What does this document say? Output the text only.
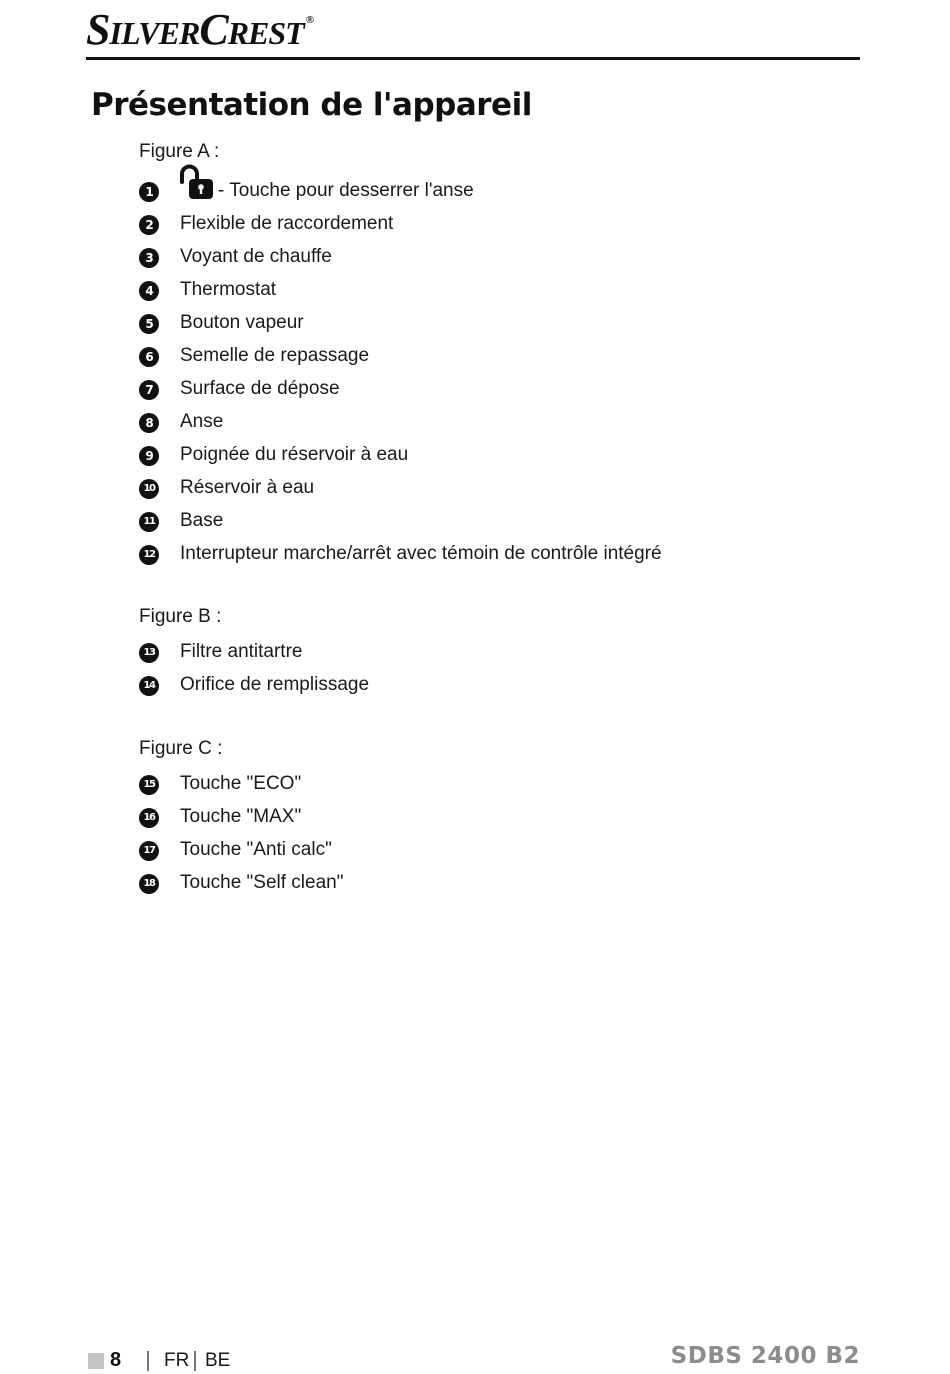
SILVERCREST ®
Présentation de l'appareil
Figure A :
1	- Touche pour desserrer l'anse
2	Flexible de raccordement
3	Voyant de chauffe
4	Thermostat
5	Bouton vapeur
6	Semelle de repassage
7	Surface de dépose
8	Anse
9	Poignée du réservoir à eau
10 Réservoir à eau
11 Base
12 Interrupteur marche/arrêt avec témoin de contrôle intégré
Figure B :
13 Filtre antitartre
14 Orifice de remplissage
Figure C :
15 Touche "ECO"
16 Touche "MAX"
17 Touche "Anti calc"
18 Touche "Self clean"
8 FR BE	SDBS 2400 B2
